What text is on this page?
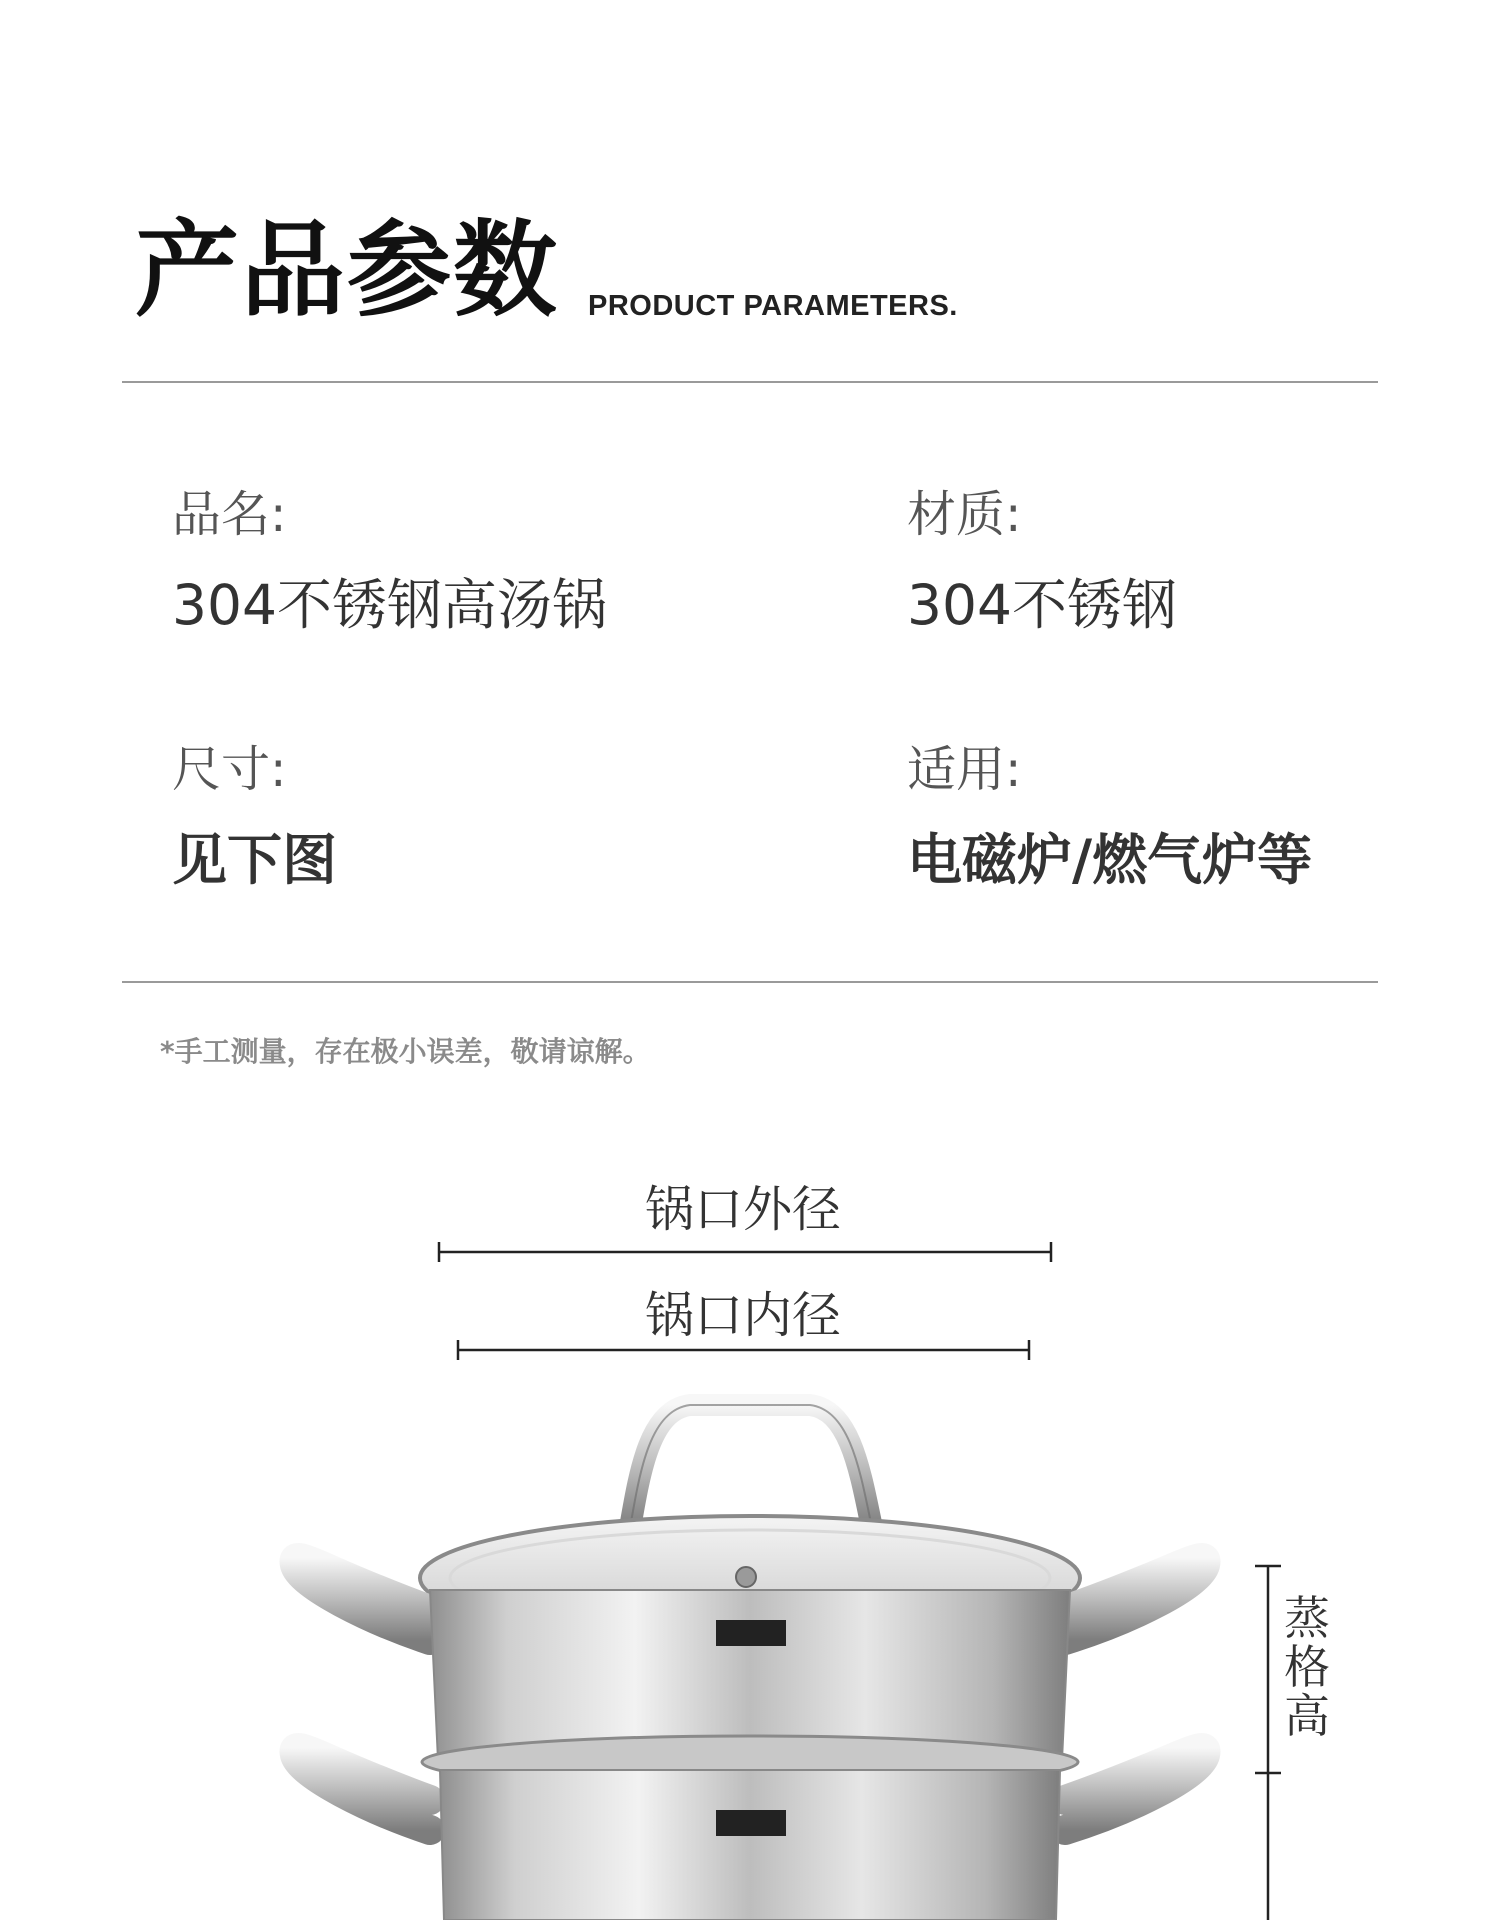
产品参数 PRODUCT PARAMETERS.
品名:
304不锈钢高汤锅
材质:
304不锈钢
尺寸:
见下图
适用:
电磁炉/燃气炉等
*手工测量，存在极小误差，敬请谅解。
锅口外径
锅口内径
蒸
格
高
